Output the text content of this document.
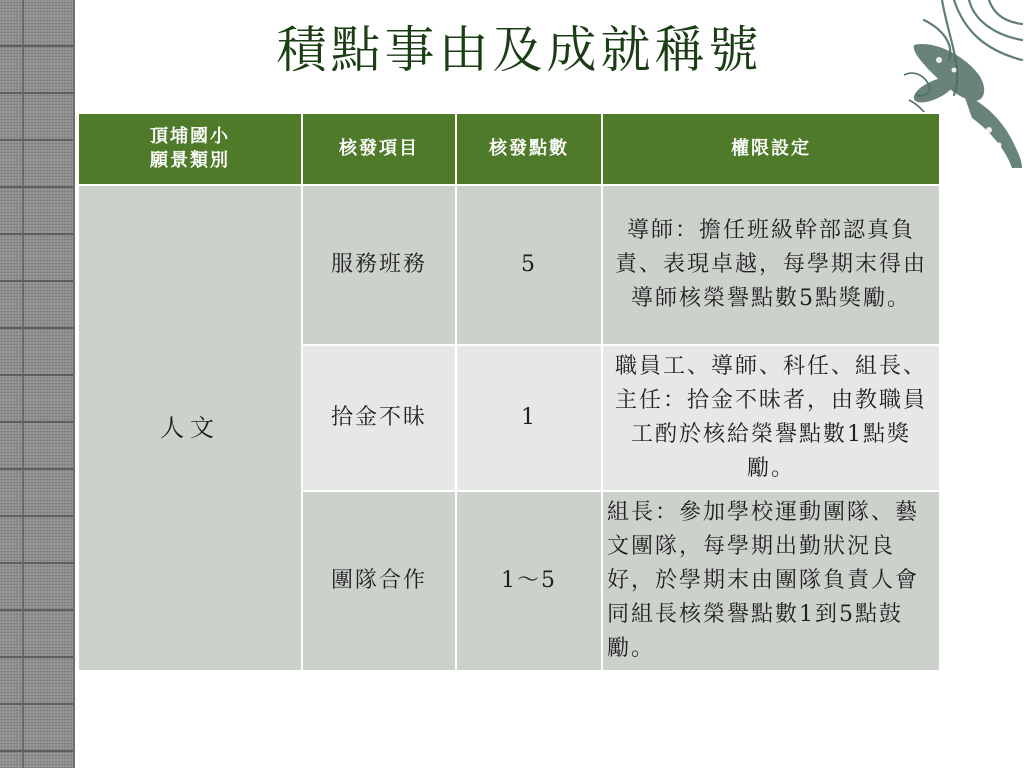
積點事由及成就稱號
頂埔國小
願景類別	核發項目	核發點數	權限設定
人文	服務班務	5	導師：擔任班級幹部認真負責、表現卓越，每學期末得由導師核榮譽點數5點獎勵。
	拾金不昧	1	職員工、導師、科任、組長、主任：拾金不昧者，由教職員工酌於核給榮譽點數1點獎勵。
	團隊合作	1～5	組長：參加學校運動團隊、藝文團隊，每學期出勤狀況良好，於學期末由團隊負責人會同組長核榮譽點數1到5點鼓勵。
